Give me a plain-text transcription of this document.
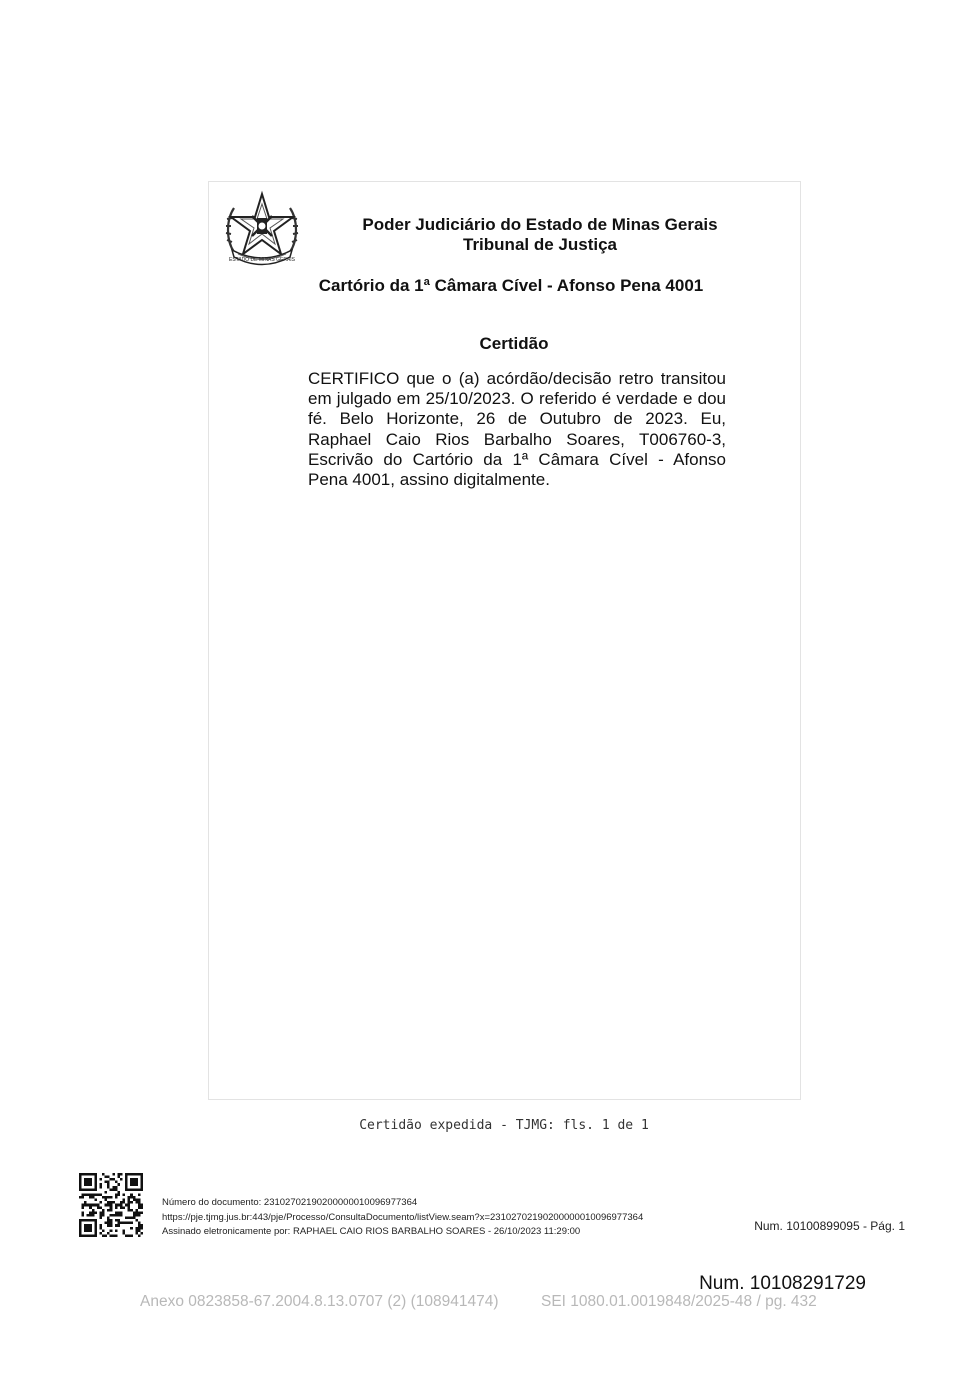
ESTADO DE MINAS GERAIS
Poder Judiciário do Estado de Minas Gerais
Tribunal de Justiça
Cartório da 1ª Câmara Cível - Afonso Pena 4001
Certidão
CERTIFICO que o (a) acórdão/decisão retro transitou em julgado em 25/10/2023. O referido é verdade e dou fé. Belo Horizonte, 26 de Outubro de 2023. Eu, Raphael Caio Rios Barbalho Soares, T006760-3, Escrivão do Cartório da 1ª Câmara Cível - Afonso Pena 4001, assino digitalmente.
Certidão expedida - TJMG: fls. 1 de 1
Número do documento: 23102702190200000010096977364
https://pje.tjmg.jus.br:443/pje/Processo/ConsultaDocumento/listView.seam?x=23102702190200000010096977364
Assinado eletronicamente por: RAPHAEL CAIO RIOS BARBALHO SOARES - 26/10/2023 11:29:00	Num. 10100899095 - Pág. 1
Num. 10108291729
Anexo 0823858-67.2004.8.13.0707 (2) (108941474)	SEI 1080.01.0019848/2025-48 / pg. 432
